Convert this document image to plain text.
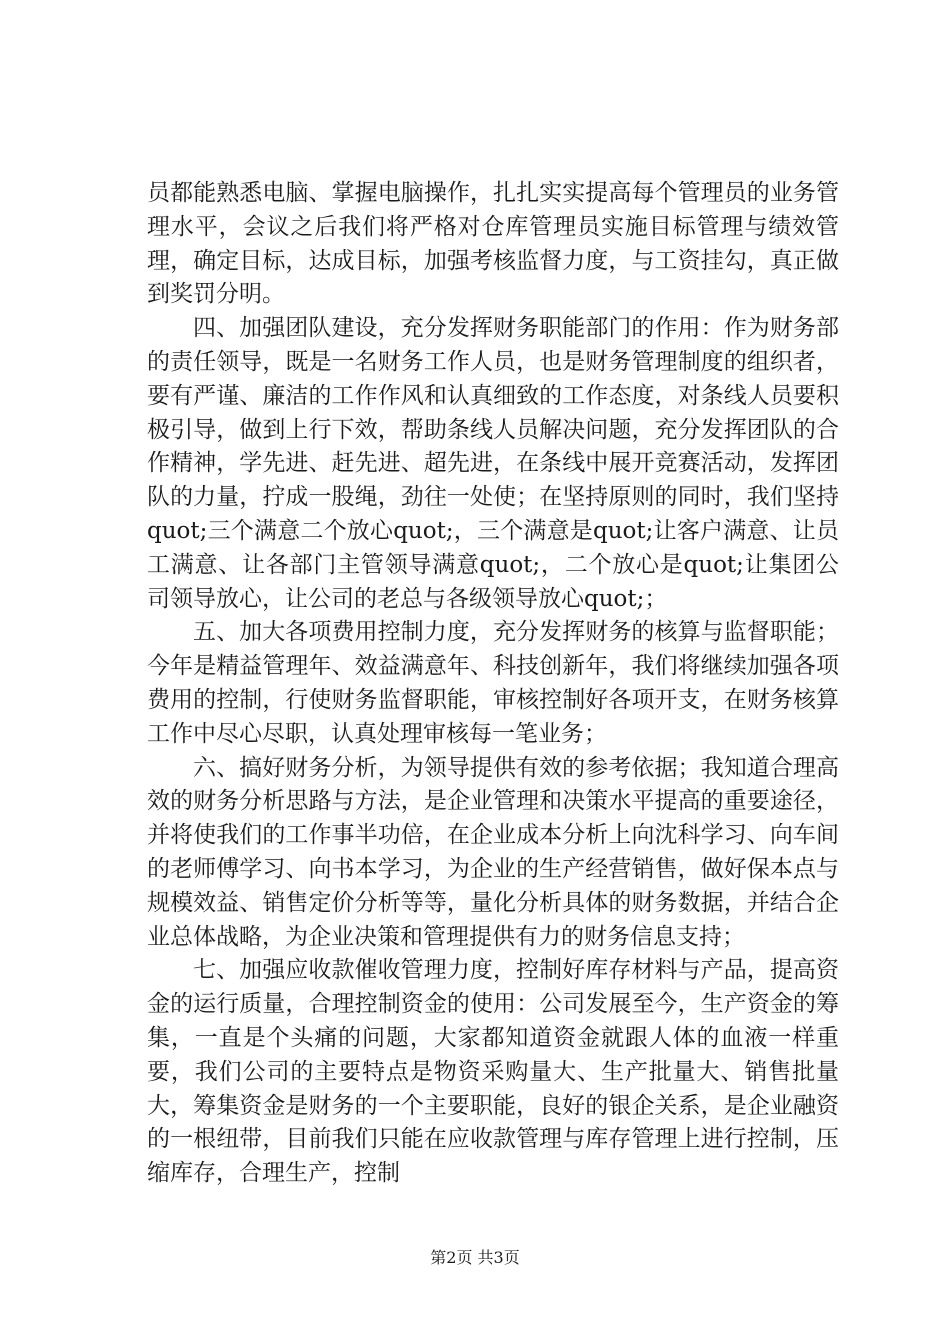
员都能熟悉电脑、掌握电脑操作，扎扎实实提高每个管理员的业务管理水平，会议之后我们将严格对仓库管理员实施目标管理与绩效管理，确定目标，达成目标，加强考核监督力度，与工资挂勾，真正做到奖罚分明。

四、加强团队建设，充分发挥财务职能部门的作用：作为财务部的责任领导，既是一名财务工作人员，也是财务管理制度的组织者，要有严谨、廉洁的工作作风和认真细致的工作态度，对条线人员要积极引导，做到上行下效，帮助条线人员解决问题，充分发挥团队的合作精神，学先进、赶先进、超先进，在条线中展开竞赛活动，发挥团队的力量，拧成一股绳，劲往一处使；在坚持原则的同时，我们坚持quot;三个满意二个放心quot;，三个满意是quot;让客户满意、让员工满意、让各部门主管领导满意quot;，二个放心是quot;让集团公司领导放心，让公司的老总与各级领导放心quot;；

五、加大各项费用控制力度，充分发挥财务的核算与监督职能；今年是精益管理年、效益满意年、科技创新年，我们将继续加强各项费用的控制，行使财务监督职能，审核控制好各项开支，在财务核算工作中尽心尽职，认真处理审核每一笔业务；

六、搞好财务分析，为领导提供有效的参考依据；我知道合理高效的财务分析思路与方法，是企业管理和决策水平提高的重要途径，并将使我们的工作事半功倍，在企业成本分析上向沈科学习、向车间的老师傅学习、向书本学习，为企业的生产经营销售，做好保本点与规模效益、销售定价分析等等，量化分析具体的财务数据，并结合企业总体战略，为企业决策和管理提供有力的财务信息支持；

七、加强应收款催收管理力度，控制好库存材料与产品，提高资金的运行质量，合理控制资金的使用：公司发展至今，生产资金的筹集，一直是个头痛的问题，大家都知道资金就跟人体的血液一样重要，我们公司的主要特点是物资采购量大、生产批量大、销售批量大，筹集资金是财务的一个主要职能，良好的银企关系，是企业融资的一根纽带，目前我们只能在应收款管理与库存管理上进行控制，压缩库存，合理生产，控制

第2页 共3页
